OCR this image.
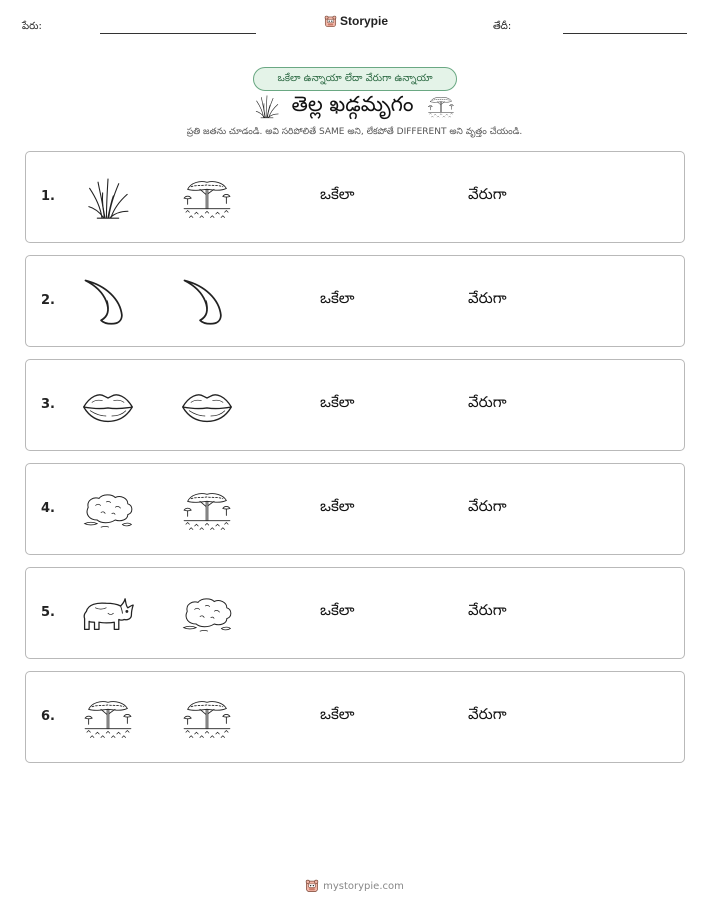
పేరు:	Storypie	తేదీ:
ఒకేలా ఉన్నాయా లేదా వేరుగా ఉన్నాయా
తెల్ల ఖడ్గమృగం
ప్రతి జతను చూడండి. అవి సరిపోలితే SAME అని, లేకపోతే DIFFERENT అని వృత్తం చేయండి.
1.	ఒకేలా	వేరుగా
2.	ఒకేలా	వేరుగా
3.	ఒకేలా	వేరుగా
4.	ఒకేలా	వేరుగా
5.	ఒకేలా	వేరుగా
6.	ఒకేలా	వేరుగా
mystorypie.com
